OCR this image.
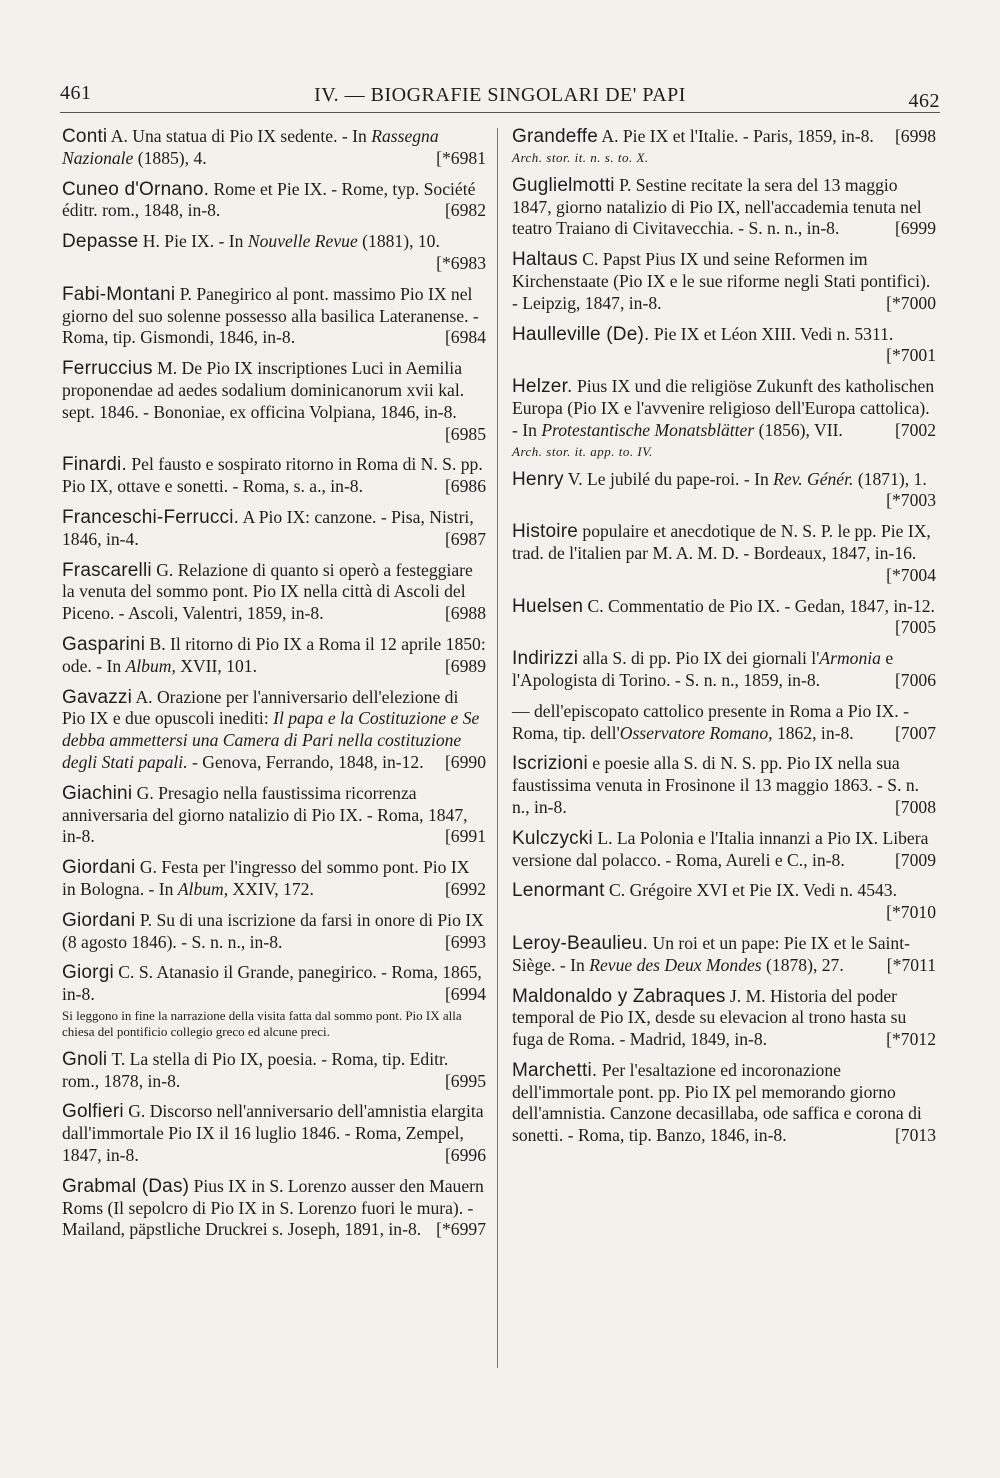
461	IV. — BIOGRAFIE SINGOLARI DE' PAPI	462
Conti A. Una statua di Pio IX sedente. - In Rassegna Nazionale (1885), 4.	[*6981
Cuneo d'Ornano. Rome et Pie IX. - Rome, typ. Société éditr. rom., 1848, in-8.	[6982
Depasse H. Pie IX. - In Nouvelle Revue (1881), 10.
[*6983
Fabi-Montani P. Panegirico al pont. massimo Pio IX nel giorno del suo solenne possesso alla basilica Lateranense. - Roma, tip. Gismondi, 1846, in-8.	[6984
Ferruccius M. De Pio IX inscriptiones Luci in Aemilia proponendae ad aedes sodalium dominicanorum xvii kal. sept. 1846. - Bononiae, ex officina Volpiana, 1846, in-8.
[6985
Finardi. Pel fausto e sospirato ritorno in Roma di N. S. pp. Pio IX, ottave e sonetti. - Roma, s. a., in-8.	[6986
Franceschi-Ferrucci. A Pio IX: canzone. - Pisa, Nistri, 1846, in-4.	[6987
Frascarelli G. Relazione di quanto si operò a festeggiare la venuta del sommo pont. Pio IX nella città di Ascoli del Piceno. - Ascoli, Valentri, 1859, in-8.	[6988
Gasparini B. Il ritorno di Pio IX a Roma il 12 aprile 1850: ode. - In Album, XVII, 101.	[6989
Gavazzi A. Orazione per l'anniversario dell'elezione di Pio IX e due opuscoli inediti: Il papa e la Costituzione e Se debba ammettersi una Camera di Pari nella costituzione degli Stati papali. - Genova, Ferrando, 1848, in-12. [6990
Giachini G. Presagio nella faustissima ricorrenza anniversaria del giorno natalizio di Pio IX. - Roma, 1847, in-8.	[6991
Giordani G. Festa per l'ingresso del sommo pont. Pio IX in Bologna. - In Album, XXIV, 172.	[6992
Giordani P. Su di una iscrizione da farsi in onore di Pio IX (8 agosto 1846). - S. n. n., in-8.	[6993
Giorgi C. S. Atanasio il Grande, panegirico. - Roma, 1865, in-8.	[6994
Si leggono in fine la narrazione della visita fatta dal sommo pont. Pio IX alla chiesa del pontificio collegio greco ed alcune preci.
Gnoli T. La stella di Pio IX, poesia. - Roma, tip. Editr. rom., 1878, in-8.	[6995
Golfieri G. Discorso nell'anniversario dell'amnistia elargita dall'immortale Pio IX il 16 luglio 1846. - Roma, Zempel, 1847, in-8.	[6996
Grabmal (Das) Pius IX in S. Lorenzo ausser den Mauern Roms (Il sepolcro di Pio IX in S. Lorenzo fuori le mura). - Mailand, päpstliche Druckrei s. Joseph, 1891, in-8. [*6997
Grandeffe A. Pie IX et l'Italie. - Paris, 1859, in-8. [6998
Arch. stor. it. n. s. to. X.
Guglielmotti P. Sestine recitate la sera del 13 maggio 1847, giorno natalizio di Pio IX, nell'accademia tenuta nel teatro Traiano di Civitavecchia. - S. n. n., in-8.	[6999
Haltaus C. Papst Pius IX und seine Reformen im Kirchenstaate (Pio IX e le sue riforme negli Stati pontifici). - Leipzig, 1847, in-8.	[*7000
Haulleville (De). Pie IX et Léon XIII. Vedi n. 5311.
[*7001
Helzer. Pius IX und die religiöse Zukunft des katholischen Europa (Pio IX e l'avvenire religioso dell'Europa cattolica). - In Protestantische Monatsblätter (1856), VII.	[7002
Arch. stor. it. app. to. IV.
Henry V. Le jubilé du pape-roi. - In Rev. Génér. (1871), 1.
[*7003
Histoire populaire et anecdotique de N. S. P. le pp. Pie IX, trad. de l'italien par M. A. M. D. - Bordeaux, 1847, in-16.
[*7004
Huelsen C. Commentatio de Pio IX. - Gedan, 1847, in-12.
[7005
Indirizzi alla S. di pp. Pio IX dei giornali l'Armonia e l'Apologista di Torino. - S. n. n., 1859, in-8.	[7006
— dell'episcopato cattolico presente in Roma a Pio IX. - Roma, tip. dell'Osservatore Romano, 1862, in-8. [7007
Iscrizioni e poesie alla S. di N. S. pp. Pio IX nella sua faustissima venuta in Frosinone il 13 maggio 1863. - S. n. n., in-8.	[7008
Kulczycki L. La Polonia e l'Italia innanzi a Pio IX. Libera versione dal polacco. - Roma, Aureli e C., in-8.	[7009
Lenormant C. Grégoire XVI et Pie IX. Vedi n. 4543.
[*7010
Leroy-Beaulieu. Un roi et un pape: Pie IX et le Saint-Siège. - In Revue des Deux Mondes (1878), 27. [*7011
Maldonaldo y Zabraques J. M. Historia del poder temporal de Pio IX, desde su elevacion al trono hasta su fuga de Roma. - Madrid, 1849, in-8.	[*7012
Marchetti. Per l'esaltazione ed incoronazione dell'immortale pont. pp. Pio IX pel memorando giorno dell'amnistia. Canzone decasillaba, ode saffica e corona di sonetti. - Roma, tip. Banzo, 1846, in-8.	[7013
